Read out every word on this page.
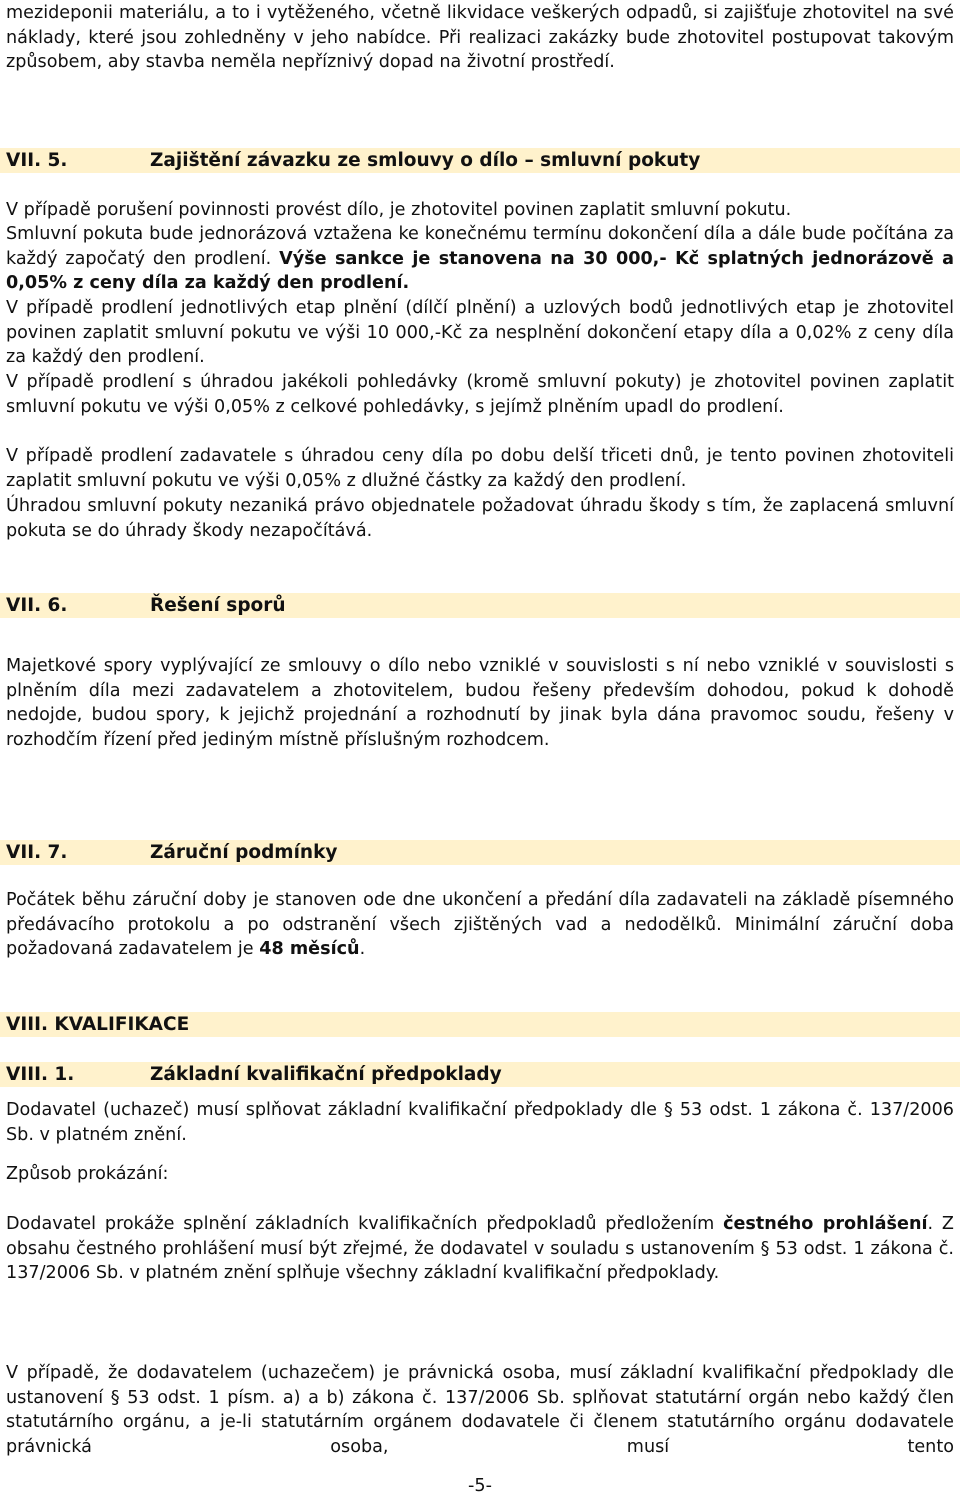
mezideponii materiálu, a to i vytěženého, včetně likvidace veškerých odpadů, si zajišťuje zhotovitel na své náklady, které jsou zohledněny v jeho nabídce. Při realizaci zakázky bude zhotovitel postupovat takovým způsobem, aby stavba neměla nepříznivý dopad na životní prostředí.

VII. 5.	Zajištění závazku ze smlouvy o dílo – smluvní pokuty

V případě porušení povinnosti provést dílo, je zhotovitel povinen zaplatit smluvní pokutu.

Smluvní pokuta bude jednorázová vztažena ke konečnému termínu dokončení díla a dále bude počítána za každý započatý den prodlení. Výše sankce je stanovena na 30 000,- Kč splatných jednorázově a 0,05% z ceny díla za každý den prodlení.

V případě prodlení jednotlivých etap plnění (dílčí plnění) a uzlových bodů jednotlivých etap je zhotovitel povinen zaplatit smluvní pokutu ve výši 10 000,-Kč za nesplnění dokončení etapy díla a 0,02% z ceny díla za každý den prodlení.

V případě prodlení s úhradou jakékoli pohledávky (kromě smluvní pokuty) je zhotovitel povinen zaplatit smluvní pokutu ve výši 0,05% z celkové pohledávky, s jejímž plněním upadl do prodlení.

V případě prodlení zadavatele s úhradou ceny díla po dobu delší třiceti dnů, je tento povinen zhotoviteli zaplatit smluvní pokutu ve výši 0,05% z dlužné částky za každý den prodlení.

Úhradou smluvní pokuty nezaniká právo objednatele požadovat úhradu škody s tím, že zaplacená smluvní pokuta se do úhrady škody nezapočítává.

VII. 6.	Řešení sporů

Majetkové spory vyplývající ze smlouvy o dílo nebo vzniklé v souvislosti s ní nebo vzniklé v souvislosti s plněním díla mezi zadavatelem a zhotovitelem, budou řešeny především dohodou, pokud k dohodě nedojde, budou spory, k jejichž projednání a rozhodnutí by jinak byla dána pravomoc soudu, řešeny v rozhodčím řízení před jediným místně příslušným rozhodcem.

VII. 7.	Záruční podmínky

Počátek běhu záruční doby je stanoven ode dne ukončení a předání díla zadavateli na základě písemného předávacího protokolu a po odstranění všech zjištěných vad a nedodělků. Minimální záruční doba požadovaná zadavatelem je 48 měsíců.

VIII. KVALIFIKACE
VIII. 1.	Základní kvalifikační předpoklady

Dodavatel (uchazeč) musí splňovat základní kvalifikační předpoklady dle § 53 odst. 1 zákona č. 137/2006 Sb. v platném znění.

Způsob prokázání:

Dodavatel prokáže splnění základních kvalifikačních předpokladů předložením čestného prohlášení. Z obsahu čestného prohlášení musí být zřejmé, že dodavatel v souladu s ustanovením § 53 odst. 1 zákona č. 137/2006 Sb. v platném znění splňuje všechny základní kvalifikační předpoklady.

V případě, že dodavatelem (uchazečem) je právnická osoba, musí základní kvalifikační předpoklady dle ustanovení § 53 odst. 1 písm. a) a b) zákona č. 137/2006 Sb. splňovat statutární orgán nebo každý člen statutárního orgánu, a je-li statutárním orgánem dodavatele či členem statutárního orgánu dodavatele právnická osoba, musí tento

-5-
